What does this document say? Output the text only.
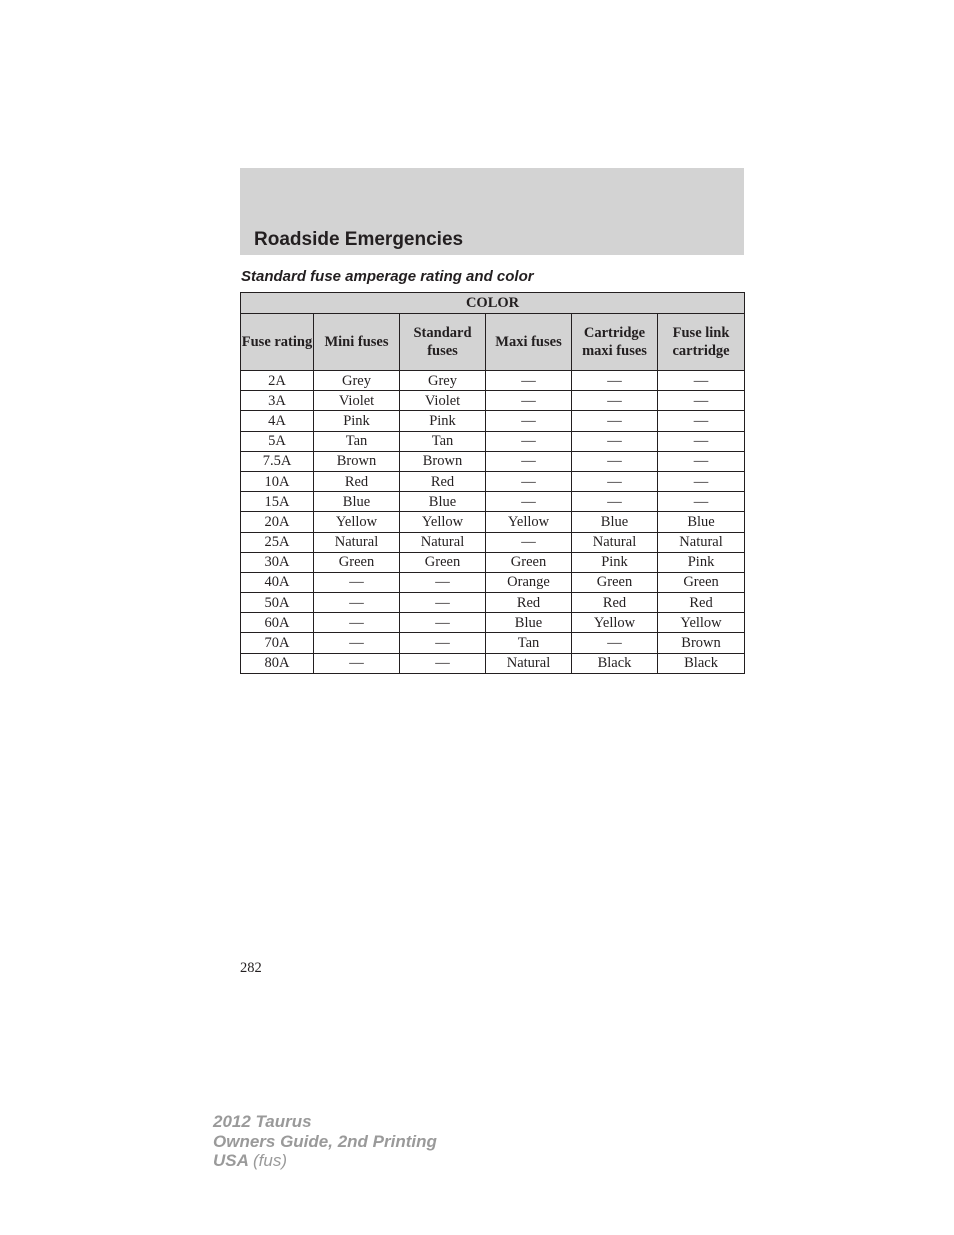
Roadside Emergencies
Standard fuse amperage rating and color
COLOR					
Fuse rating	Mini fuses	Standard fuses	Maxi fuses	Cartridge maxi fuses	Fuse link cartridge
2A	Grey	Grey	—	—	—
3A	Violet	Violet	—	—	—
4A	Pink	Pink	—	—	—
5A	Tan	Tan	—	—	—
7.5A	Brown	Brown	—	—	—
10A	Red	Red	—	—	—
15A	Blue	Blue	—	—	—
20A	Yellow	Yellow	Yellow	Blue	Blue
25A	Natural	Natural	—	Natural	Natural
30A	Green	Green	Green	Pink	Pink
40A	—	—	Orange	Green	Green
50A	—	—	Red	Red	Red
60A	—	—	Blue	Yellow	Yellow
70A	—	—	Tan	—	Brown
80A	—	—	Natural	Black	Black
282
2012 Taurus
Owners Guide, 2nd Printing
USA (fus)
